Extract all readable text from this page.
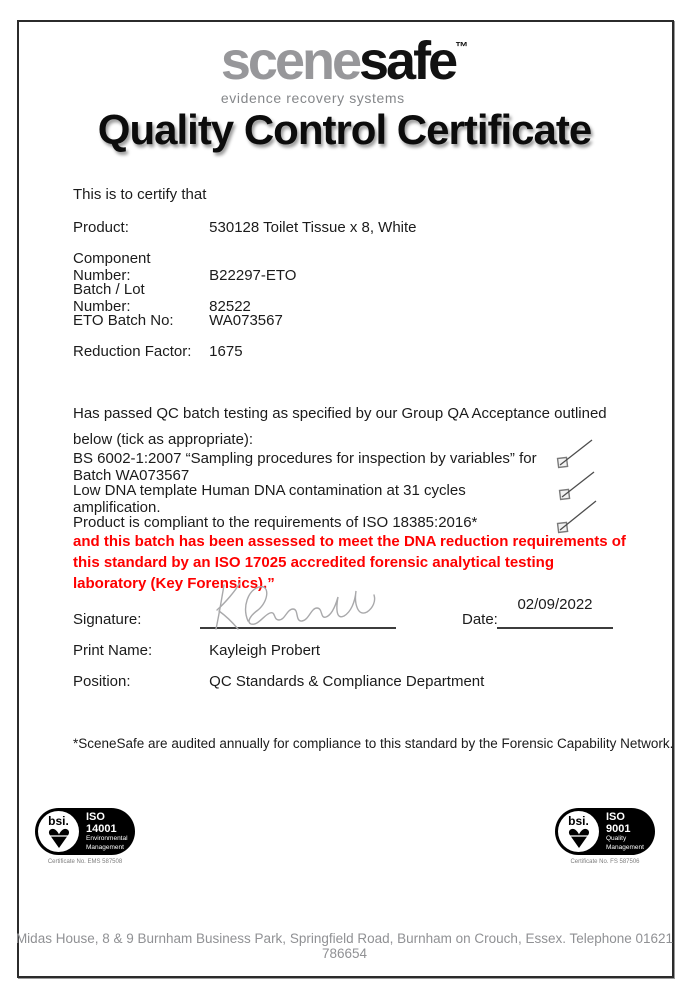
scenesafe™
evidence recovery systems
Quality Control Certificate
This is to certify that
Product:	530128 Toilet Tissue x 8, White
Component Number:	B22297-ETO
Batch / Lot Number:	82522
ETO Batch No: WA073567
Reduction Factor: 1675
Has passed QC batch testing as specified by our Group QA Acceptance outlined below (tick as appropriate):
BS 6002-1:2007 “Sampling procedures for inspection by variables” for Batch WA073567
Low DNA template Human DNA contamination at 31 cycles amplification.
Product is compliant to the requirements of ISO 18385:2016*
and this batch has been assessed to meet the DNA reduction requirements of this standard by an ISO 17025 accredited forensic analytical testing laboratory (Key Forensics).”
Signature:	Date:
02/09/2022
Print Name:	Kayleigh Probert
Position:	QC Standards & Compliance Department
*SceneSafe are audited annually for compliance to this standard by the Forensic Capability Network.
bsi. ISO
14001
Environmental
Management
Certificate No. EMS 587508
bsi. ISO
9001
Quality
Management
Certificate No. FS 587506
Midas House, 8 & 9 Burnham Business Park, Springfield Road, Burnham on Crouch, Essex. Telephone 01621 786654
